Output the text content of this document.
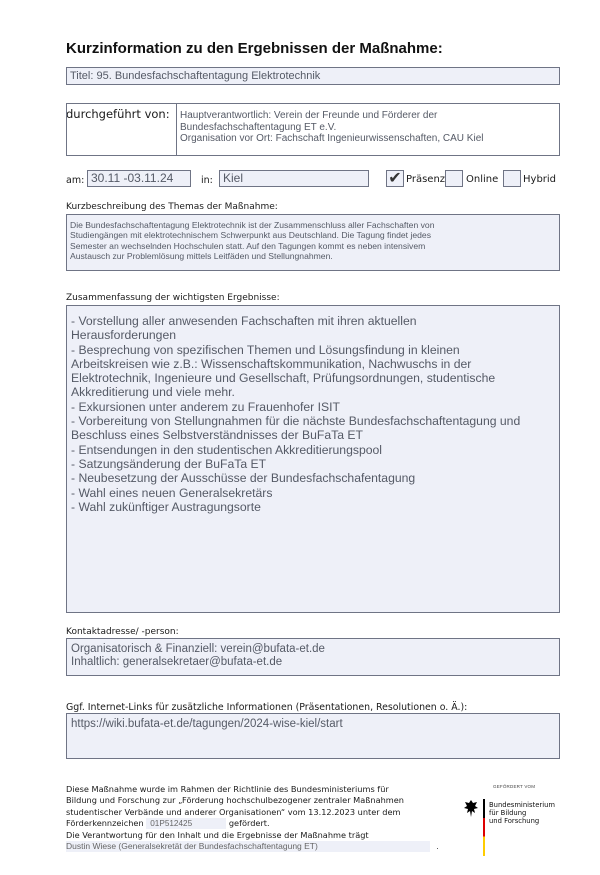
Kurzinformation zu den Ergebnissen der Maßnahme:
Titel: 95. Bundesfachschaftentagung Elektrotechnik
durchgeführt von:	Hauptverantwortlich: Verein der Freunde und Förderer der
Bundesfachschaftentagung ET e.V.
Organisation vor Ort: Fachschaft Ingenieurwissenschaften, CAU Kiel
am: 30.11 -03.11.24	in: Kiel	✔ Präsenz Online Hybrid
Kurzbeschreibung des Themas der Maßnahme:
Die Bundesfachschaftentagung Elektrotechnik ist der Zusammenschluss aller Fachschaften von
Studiengängen mit elektrotechnischem Schwerpunkt aus Deutschland. Die Tagung findet jedes
Semester an wechselnden Hochschulen statt. Auf den Tagungen kommt es neben intensivem
Austausch zur Problemlösung mittels Leitfäden und Stellungnahmen.
Zusammenfassung der wichtigsten Ergebnisse:
- Vorstellung aller anwesenden Fachschaften mit ihren aktuellen
Herausforderungen
- Besprechung von spezifischen Themen und Lösungsfindung in kleinen
Arbeitskreisen wie z.B.: Wissenschaftskommunikation, Nachwuschs in der
Elektrotechnik, Ingenieure und Gesellschaft, Prüfungsordnungen, studentische
Akkreditierung und viele mehr.
- Exkursionen unter anderem zu Frauenhofer ISIT
- Vorbereitung von Stellungnahmen für die nächste Bundesfachschaftentagung und
Beschluss eines Selbstverständnisses der BuFaTa ET
- Entsendungen in den studentischen Akkreditierungspool
- Satzungsänderung der BuFaTa ET
- Neubesetzung der Ausschüsse der Bundesfachschafentagung
- Wahl eines neuen Generalsekretärs
- Wahl zukünftiger Austragungsorte
Kontaktadresse/ -person:
Organisatorisch & Finanziell: verein@bufata-et.de
Inhaltlich: generalsekretaer@bufata-et.de
Ggf. Internet-Links für zusätzliche Informationen (Präsentationen, Resolutionen o. Ä.):
https://wiki.bufata-et.de/tagungen/2024-wise-kiel/start
Diese Maßnahme wurde im Rahmen der Richtlinie des Bundesministeriums für
Bildung und Forschung zur „Förderung hochschulbezogener zentraler Maßnahmen
studentischer Verbände und anderer Organisationen“ vom 13.12.2023 unter dem
Förderkennzeichen 01P512425	gefördert.
Die Verantwortung für den Inhalt und die Ergebnisse der Maßnahme trägt
Dustin Wiese (Generalsekretät der Bundesfachschaftentagung ET)	.
GEFÖRDERT VOM
Bundesministerium
für Bildung
und Forschung
